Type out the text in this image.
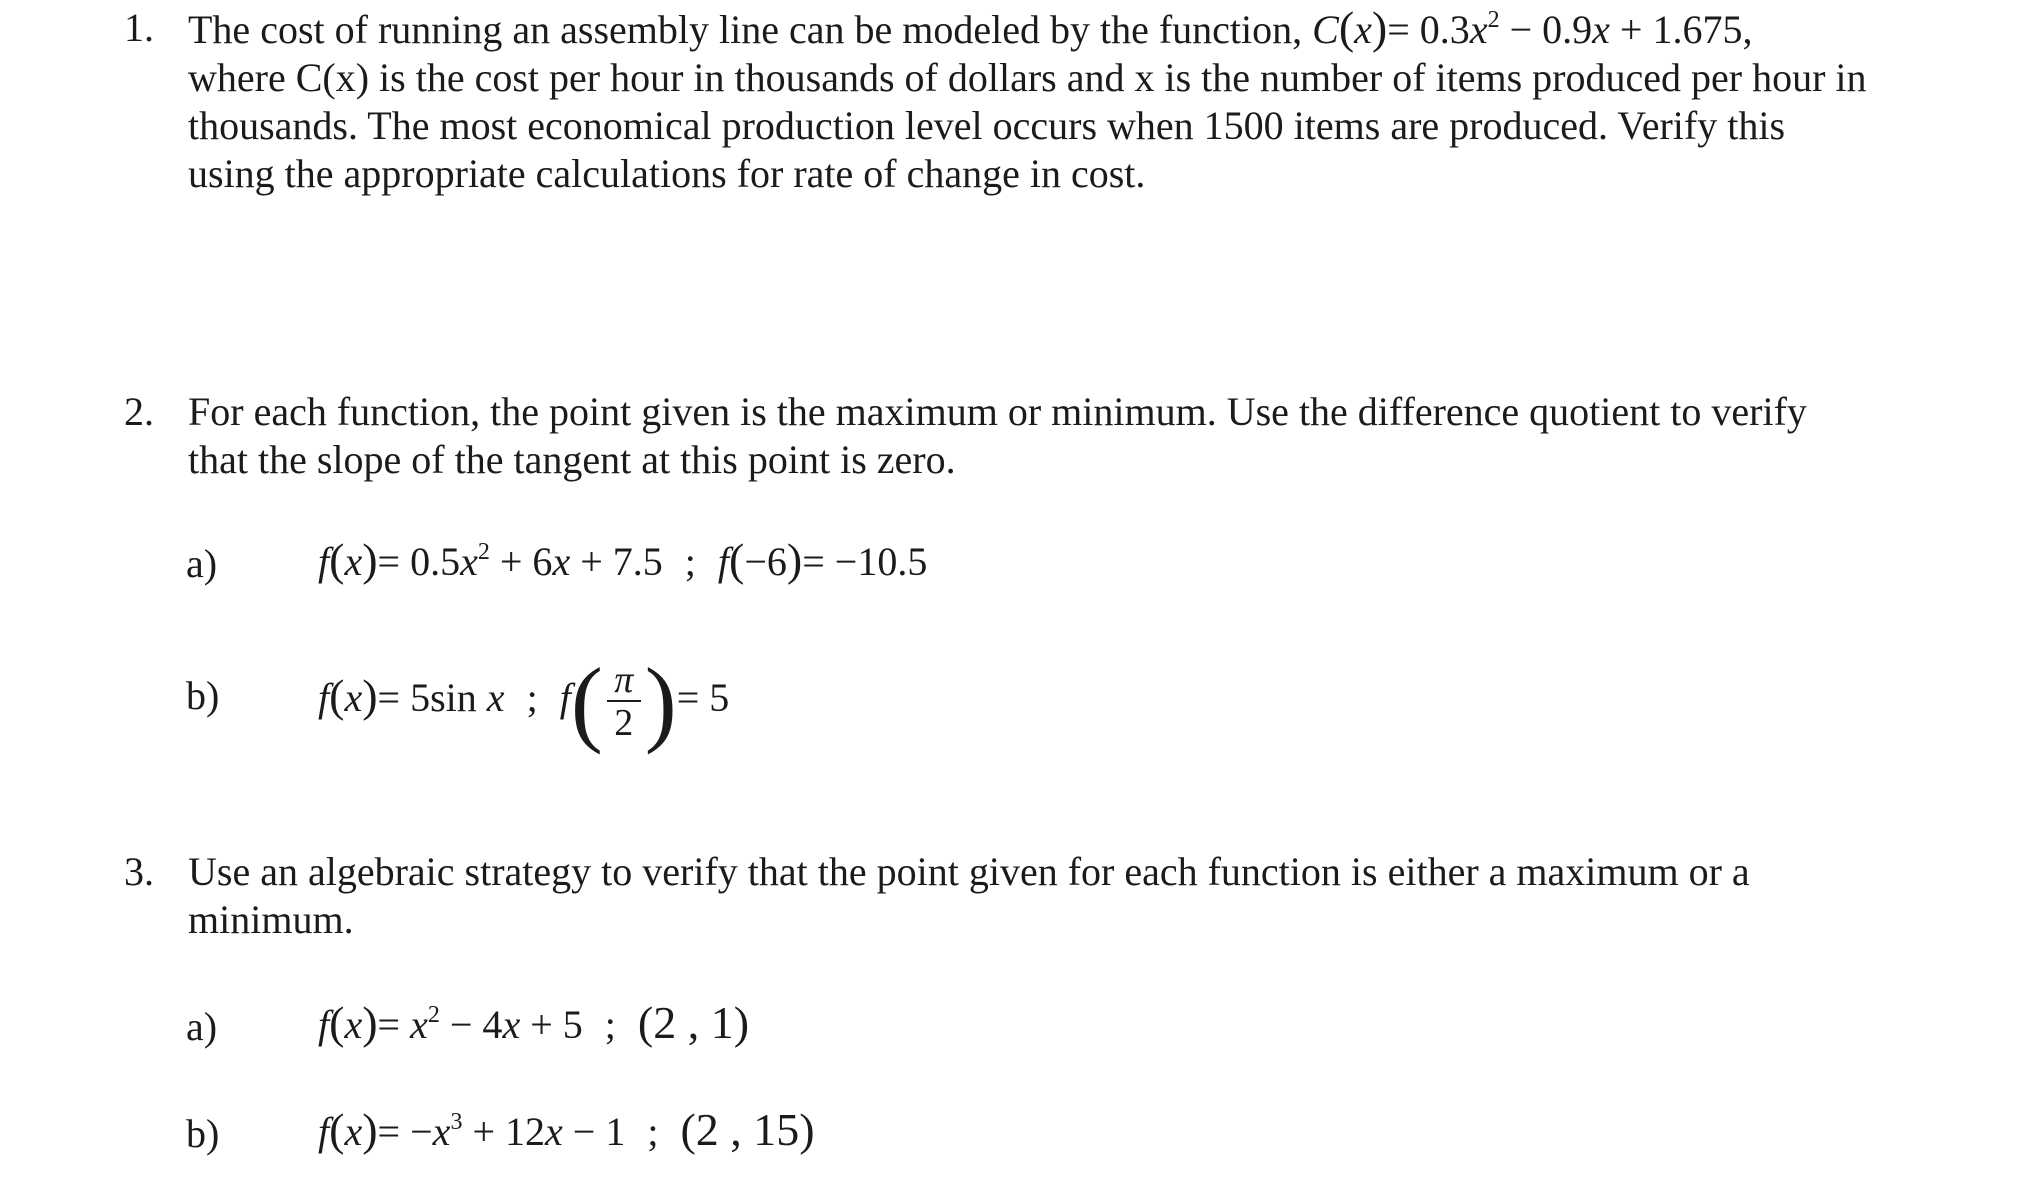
1. The cost of running an assembly line can be modeled by the function, $C(x)= 0.3x^2 - 0.9x + 1.675$,
where C(x) is the cost per hour in thousands of dollars and x is the number of items produced per hour in
thousands. The most economical production level occurs when 1500 items are produced. Verify this
using the appropriate calculations for rate of change in cost.
2. For each function, the point given is the maximum or minimum. Use the difference quotient to verify
that the slope of the tangent at this point is zero.
a)	$f(x)= 0.5x^2 + 6x + 7.5$ ; f(−6)= −10.5
b) f(x)= 5sin x ; $f( \frac{\pi}{2}$ )= 5
3. Use an algebraic strategy to verify that the point given for each function is either a maximum or a
minimum.
a)	$f(x)= x^2 - 4x + 5$ ; (2 , 1)
b) $f(x)= -x^3 + 12x - 1$ ; (2 , 15)
